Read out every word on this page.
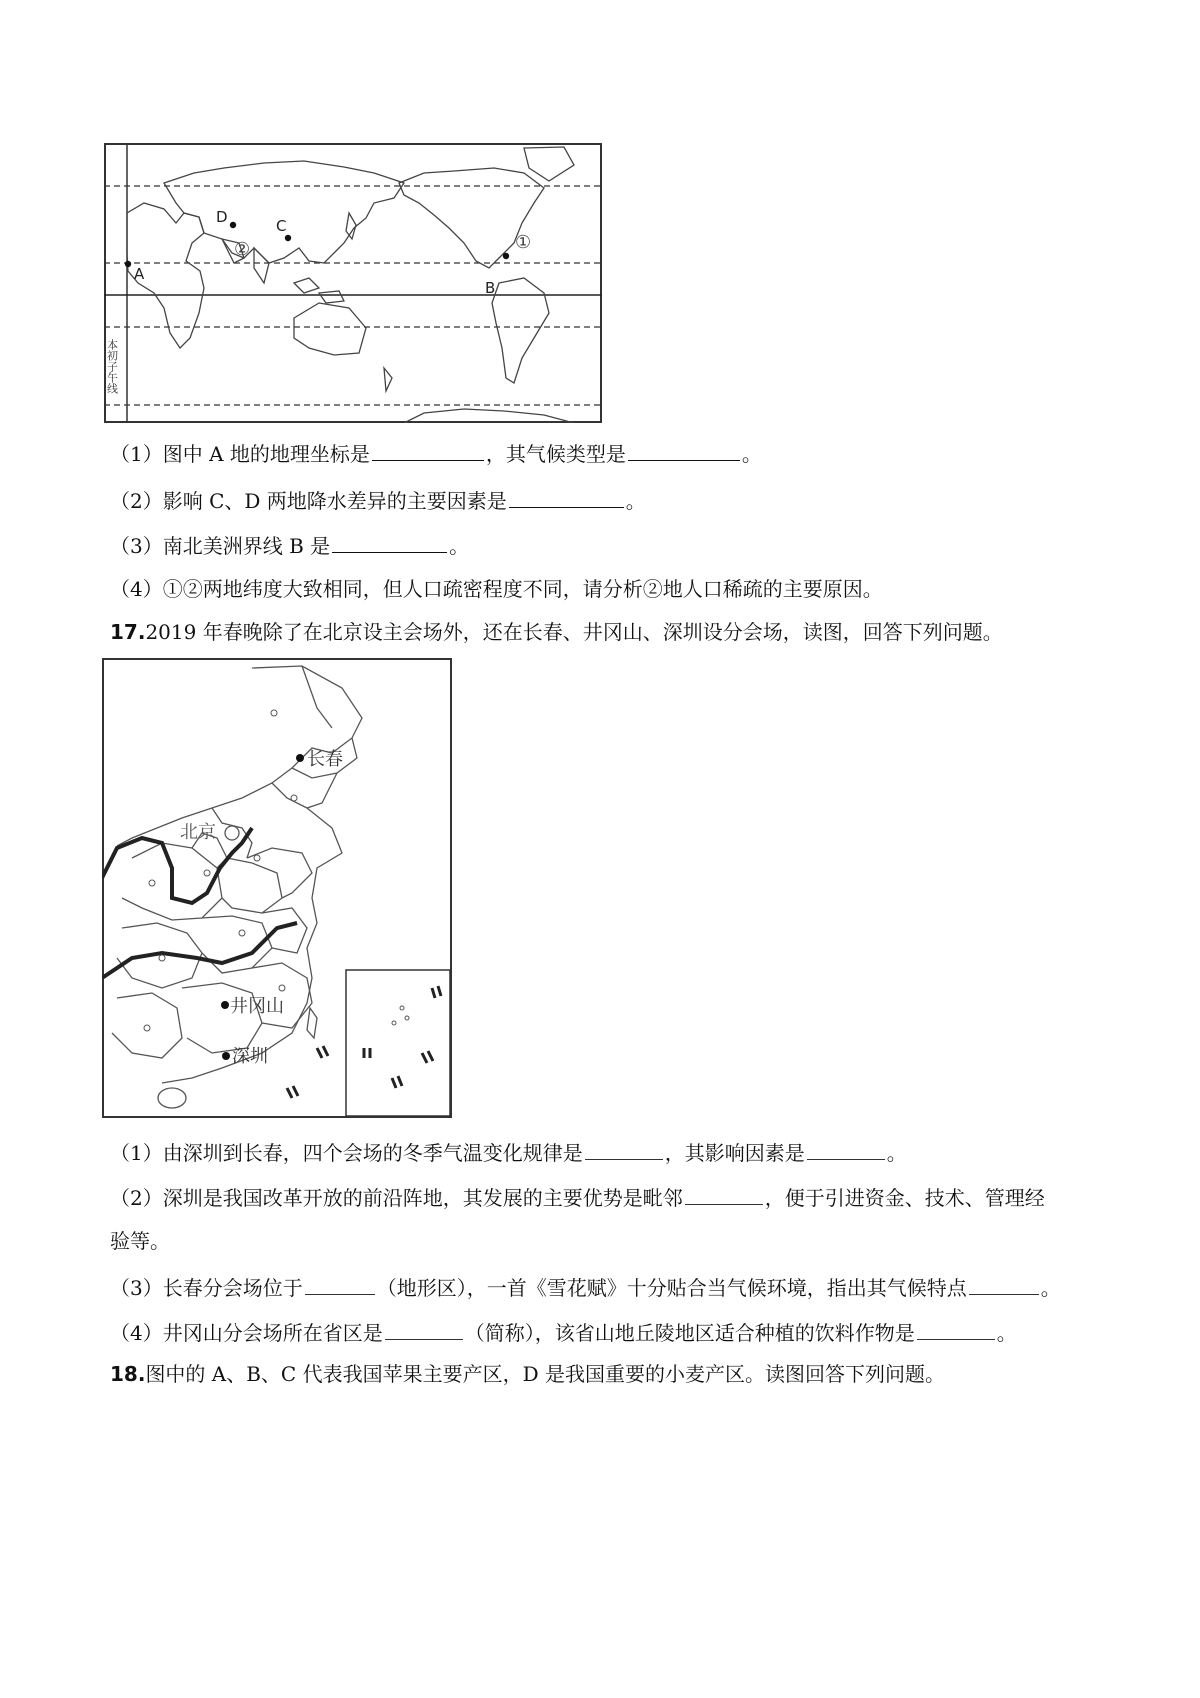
A
B
C
D
①
②
本初子午线
（1）图中 A 地的地理坐标是	，其气候类型是	。
（2）影响 C、D 两地降水差异的主要因素是	。
（3）南北美洲界线 B 是	。
（4）①②两地纬度大致相同，但人口疏密程度不同，请分析②地人口稀疏的主要原因。
17.2019 年春晚除了在北京设主会场外，还在长春、井冈山、深圳设分会场，读图，回答下列问题。
长春
北京
井冈山
深圳
（1）由深圳到长春，四个会场的冬季气温变化规律是	，其影响因素是	。
（2）深圳是我国改革开放的前沿阵地，其发展的主要优势是毗邻	，便于引进资金、技术、管理经
验等。
（3）长春分会场位于	（地形区），一首《雪花赋》十分贴合当气候环境，指出其气候特点	。
（4）井冈山分会场所在省区是	（简称），该省山地丘陵地区适合种植的饮料作物是	。
18.图中的 A、B、C 代表我国苹果主要产区，D 是我国重要的小麦产区。读图回答下列问题。
